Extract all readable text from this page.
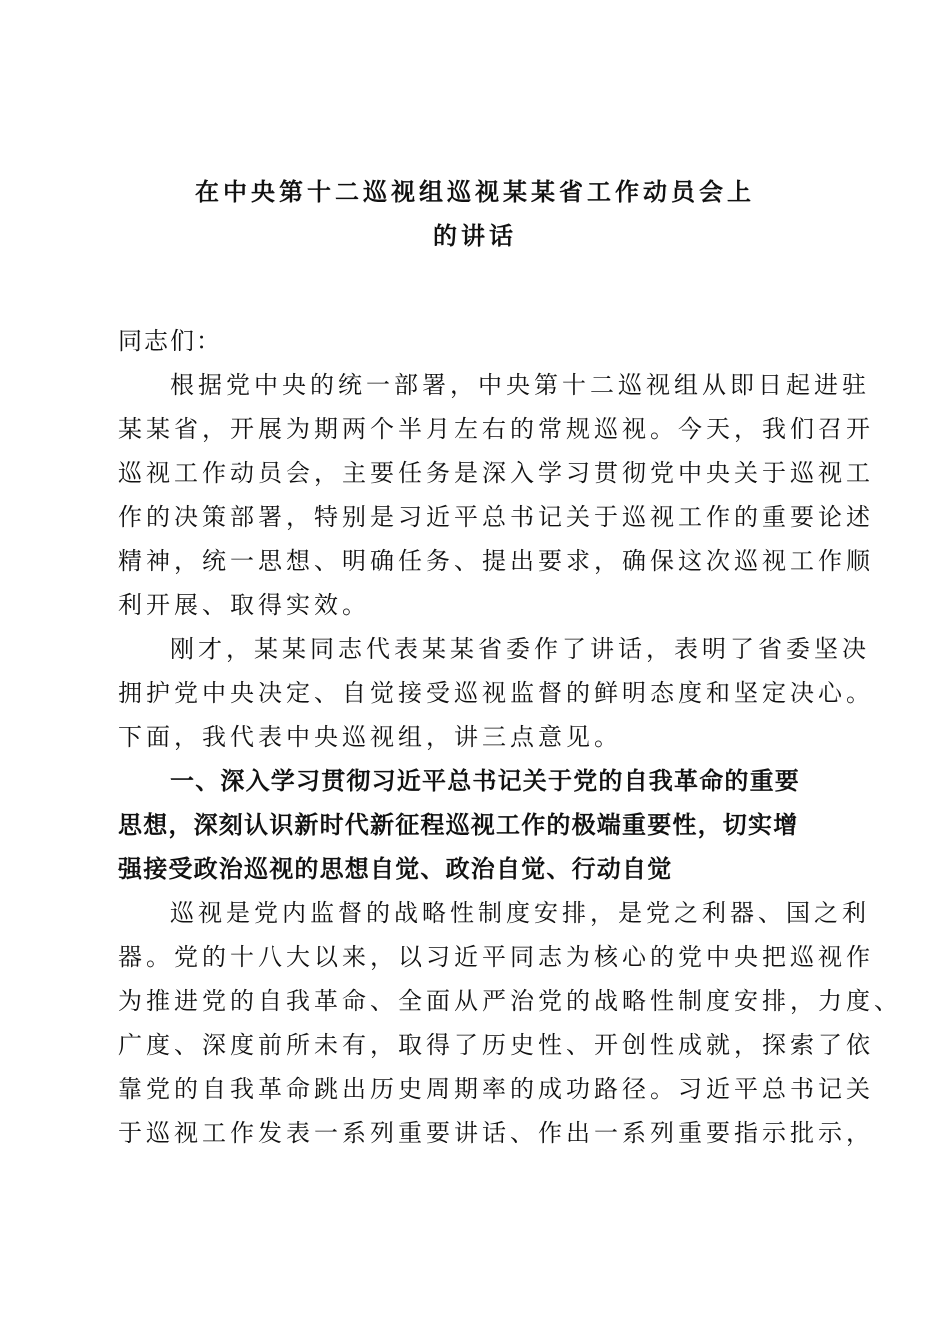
在中央第十二巡视组巡视某某省工作动员会上
的讲话
同志们：
根据党中央的统一部署，中央第十二巡视组从即日起进驻
某某省，开展为期两个半月左右的常规巡视。今天，我们召开
巡视工作动员会，主要任务是深入学习贯彻党中央关于巡视工
作的决策部署，特别是习近平总书记关于巡视工作的重要论述
精神，统一思想、明确任务、提出要求，确保这次巡视工作顺
利开展、取得实效。
刚才，某某同志代表某某省委作了讲话，表明了省委坚决
拥护党中央决定、自觉接受巡视监督的鲜明态度和坚定决心。
下面，我代表中央巡视组，讲三点意见。
一、深入学习贯彻习近平总书记关于党的自我革命的重要
思想，深刻认识新时代新征程巡视工作的极端重要性，切实增
强接受政治巡视的思想自觉、政治自觉、行动自觉
巡视是党内监督的战略性制度安排，是党之利器、国之利
器。党的十八大以来，以习近平同志为核心的党中央把巡视作
为推进党的自我革命、全面从严治党的战略性制度安排，力度、
广度、深度前所未有，取得了历史性、开创性成就，探索了依
靠党的自我革命跳出历史周期率的成功路径。习近平总书记关
于巡视工作发表一系列重要讲话、作出一系列重要指示批示，
